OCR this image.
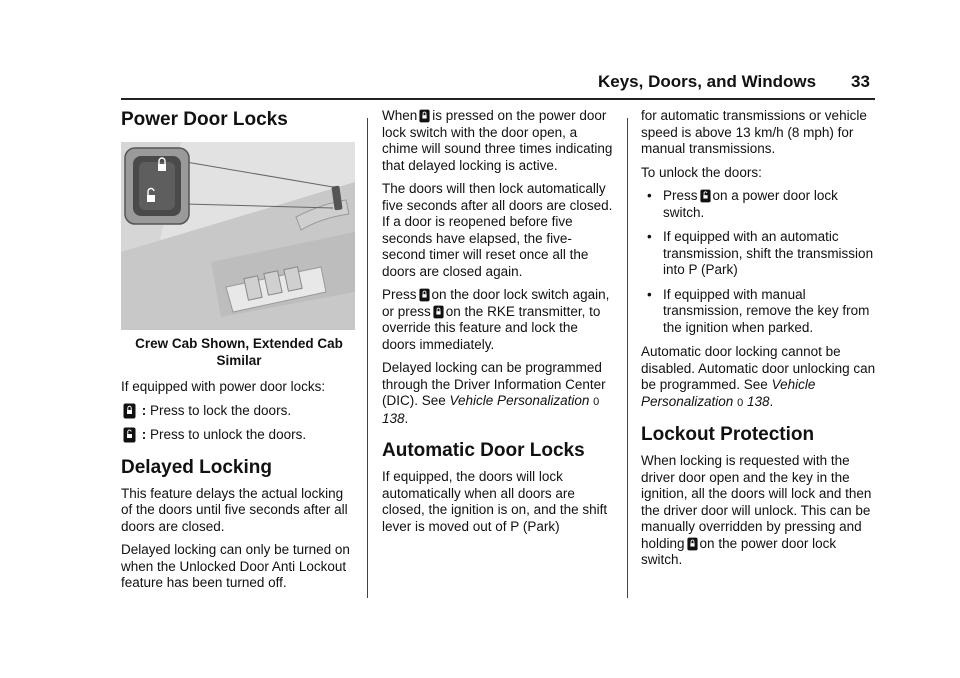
Keys, Doors, and Windows 33
Power Door Locks
Crew Cab Shown, Extended Cab
Similar

If equipped with power door locks:

: Press to lock the doors.
: Press to unlock the doors.
Delayed Locking

This feature delays the actual locking of the doors until five seconds after all doors are closed.

Delayed locking can only be turned on when the Unlocked Door Anti Lockout feature has been turned off.

When is pressed on the power door lock switch with the door open, a chime will sound three times indicating that delayed locking is active.

The doors will then lock automatically five seconds after all doors are closed. If a door is reopened before five seconds have elapsed, the five-second timer will reset once all the doors are closed again.

Press on the door lock switch again, or press on the RKE transmitter, to override this feature and lock the doors immediately.

Delayed locking can be programmed through the Driver Information Center (DIC). See Vehicle Personalization 0 138.

Automatic Door Locks

If equipped, the doors will lock automatically when all doors are closed, the ignition is on, and the shift lever is moved out of P (Park)

for automatic transmissions or vehicle speed is above 13 km/h (8 mph) for manual transmissions.

To unlock the doors:

• Press on a power door lock switch.
• If equipped with an automatic transmission, shift the transmission into P (Park)
• If equipped with manual transmission, remove the key from the ignition when parked.

Automatic door locking cannot be disabled. Automatic door unlocking can be programmed. See Vehicle Personalization 0 138.

Lockout Protection

When locking is requested with the driver door open and the key in the ignition, all the doors will lock and then the driver door will unlock. This can be manually overridden by pressing and holding on the power door lock switch.
